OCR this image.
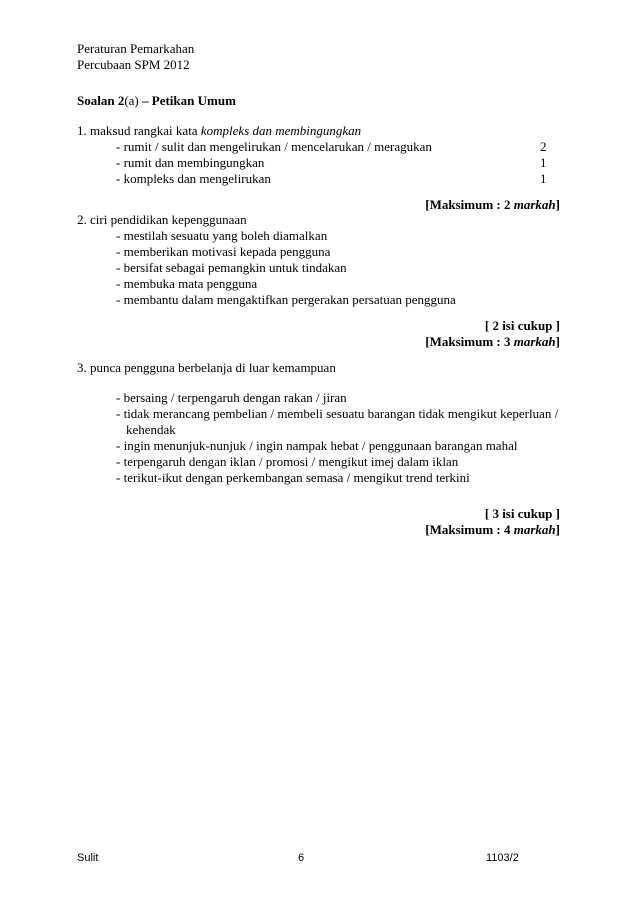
Peraturan Pemarkahan
Percubaan SPM 2012
Soalan 2(a) – Petikan Umum
1. maksud rangkai kata kompleks dan membingungkan
- rumit / sulit dan mengelirukan / mencelarukan / meragukan	2
- rumit dan membingungkan	1
- kompleks dan mengelirukan	1
[Maksimum : 2 markah]
2. ciri pendidikan kepenggunaan
- mestilah sesuatu yang boleh diamalkan
- memberikan motivasi kepada pengguna
- bersifat sebagai pemangkin untuk tindakan
- membuka mata pengguna
- membantu dalam mengaktifkan pergerakan persatuan pengguna
[ 2 isi cukup ]
[Maksimum : 3 markah]
3. punca pengguna berbelanja di luar kemampuan
- bersaing / terpengaruh dengan rakan / jiran
- tidak merancang pembelian / membeli sesuatu barangan tidak mengikut keperluan /
kehendak
- ingin menunjuk-nunjuk / ingin nampak hebat / penggunaan barangan mahal
- terpengaruh dengan iklan / promosi / mengikut imej dalam iklan
- terikut-ikut dengan perkembangan semasa / mengikut trend terkini
[ 3 isi cukup ]
[Maksimum : 4 markah]
Sulit	6	1103/2
